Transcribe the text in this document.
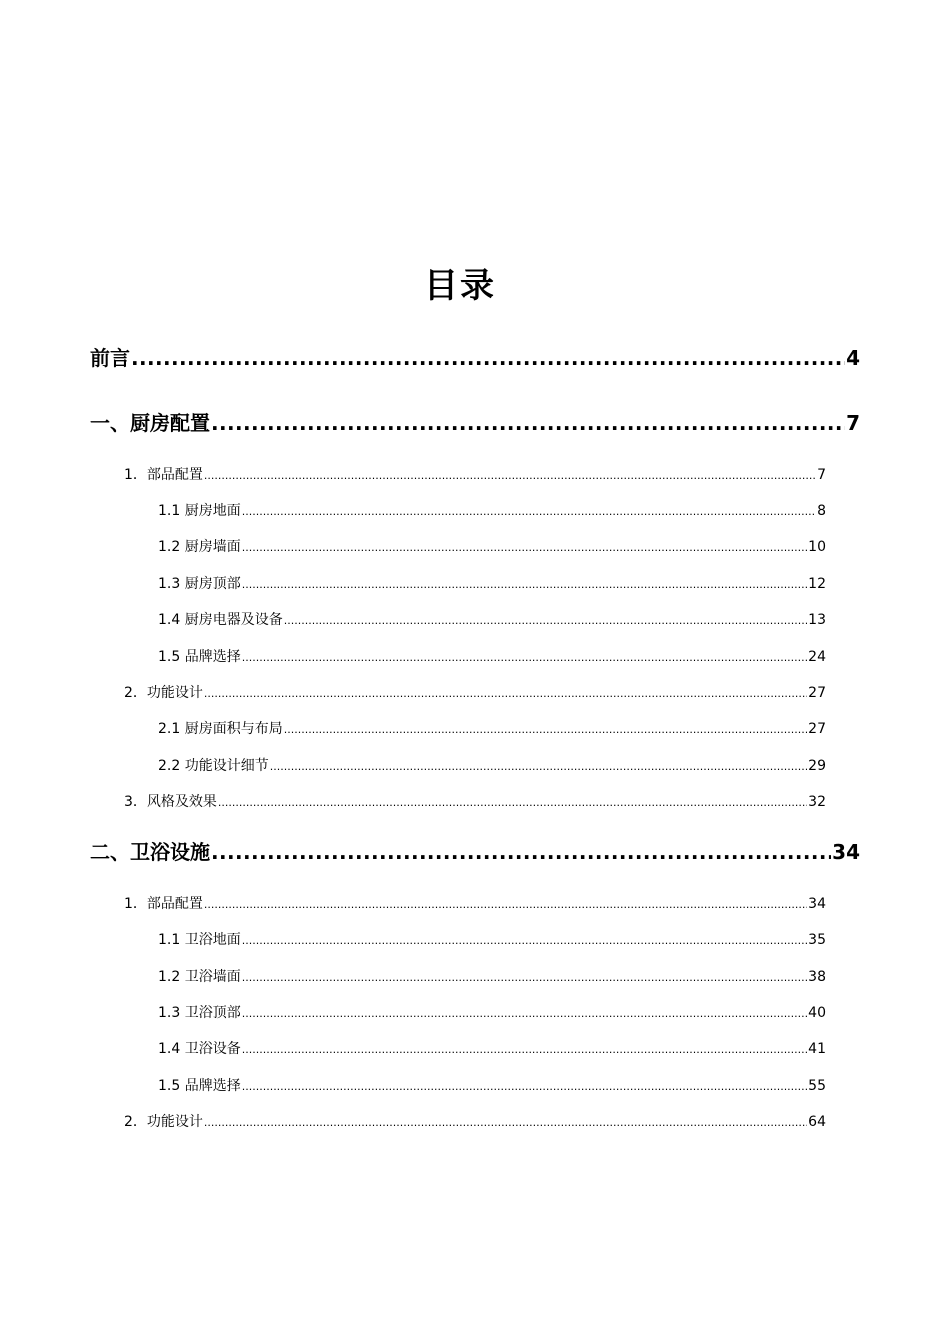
目录
前言 .....	4
一、厨房配置 .....	7
1．部品配置 .....	7
1.1 厨房地面 .....	8
1.2 厨房墙面 .....	10
1.3 厨房顶部 .....	12
1.4 厨房电器及设备 .....	13
1.5 品牌选择 .....	24
2．功能设计 .....	27
2.1 厨房面积与布局 .....	27
2.2 功能设计细节 .....	29
3．风格及效果 .....	32
二、卫浴设施 .....	34
1．部品配置 .....	34
1.1 卫浴地面 .....	35
1.2 卫浴墙面 .....	38
1.3 卫浴顶部 .....	40
1.4 卫浴设备 .....	41
1.5 品牌选择 .....	55
2．功能设计 .....	64
